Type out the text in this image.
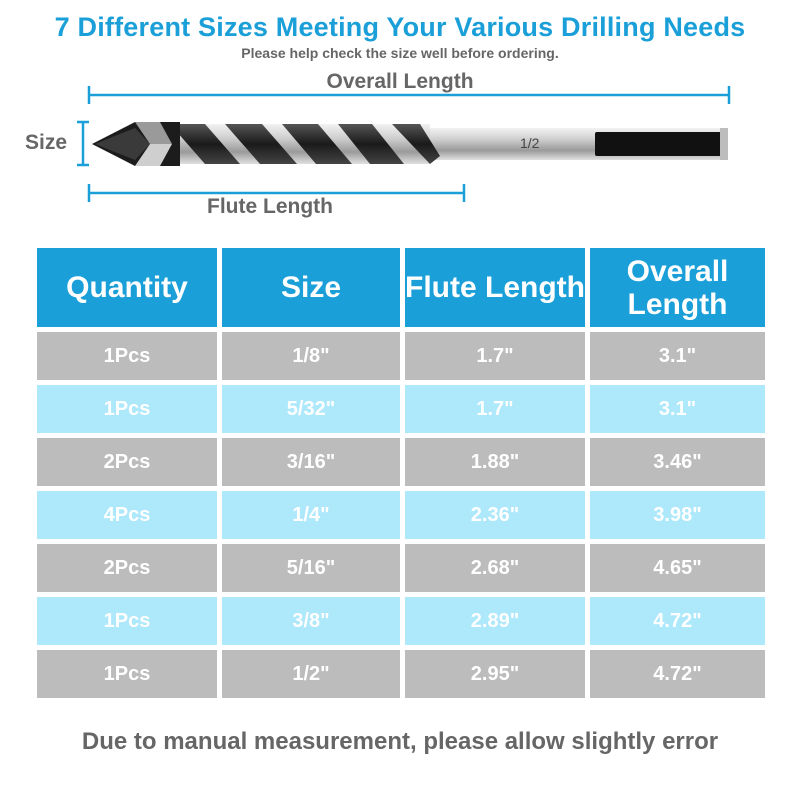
7 Different Sizes Meeting Your Various Drilling Needs
Please help check the size well before ordering.
1/2
Overall Length
Size
Flute Length
Quantity	Size	Flute Length	Overall Length
1Pcs	1/8"	1.7"	3.1"
1Pcs	5/32"	1.7"	3.1"
2Pcs	3/16"	1.88"	3.46"
4Pcs	1/4"	2.36"	3.98"
2Pcs	5/16"	2.68"	4.65"
1Pcs	3/8"	2.89"	4.72"
1Pcs	1/2"	2.95"	4.72"
Due to manual measurement, please allow slightly error
